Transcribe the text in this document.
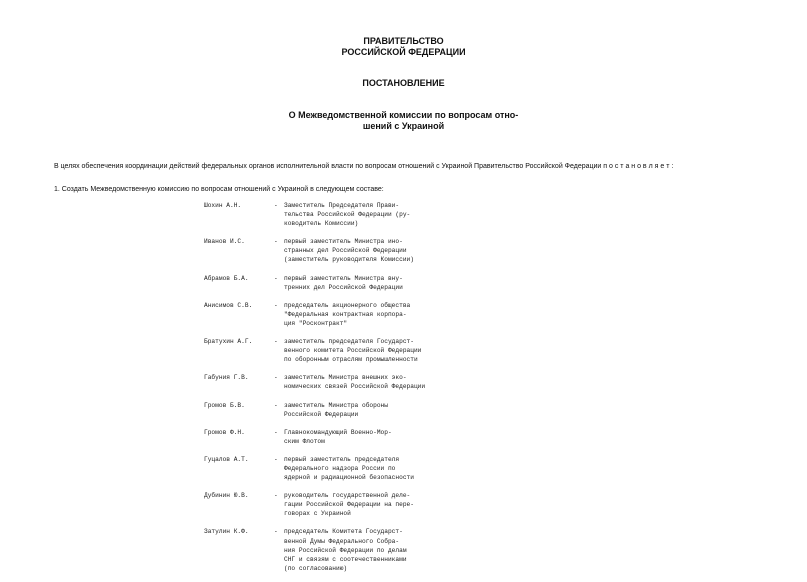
ПРАВИТЕЛЬСТВО
РОССИЙСКОЙ ФЕДЕРАЦИИ
ПОСТАНОВЛЕНИЕ
О Межведомственной комиссии по вопросам отно-
шений с Украиной
В целях обеспечения координации действий федеральных органов исполнительной власти по вопросам отношений с Украиной Правительство Российской Федерации п о с т а н о в л я е т :
1. Создать Межведомственную комиссию по вопросам отношений с Украиной в следующем составе:
Шохин А.Н.	-	Заместитель Председателя Прави-
тельства Российской Федерации (ру-
ководитель Комиссии)
Иванов И.С.	-	первый заместитель Министра ино-
странных дел Российской Федерации
(заместитель руководителя Комиссии)
Абрамов Б.А.	-	первый заместитель Министра вну-
тренних дел Российской Федерации
Анисимов С.В.	-	председатель акционерного общества
"Федеральная контрактная корпора-
ция "Росконтракт"
Братухин А.Г.	-	заместитель председателя Государст-
венного комитета Российской Федерации
по оборонным отраслям промышленности
Габуния Г.В.	-	заместитель Министра внешних эко-
номических связей Российской Федерации
Громов Б.В.	-	заместитель Министра обороны
Российской Федерации
Громов Ф.Н.	-	Главнокомандующий Военно-Мор-
ским Флотом
Гуцалов А.Т.	-	первый заместитель председателя
Федерального надзора России по
ядерной и радиационной безопасности
Дубинин Ю.В.	-	руководитель государственной деле-
гации Российской Федерации на пере-
говорах с Украиной
Затулин К.Ф.	-	председатель Комитета Государст-
венной Думы Федерального Собра-
ния Российской Федерации по делам
СНГ и связям с соотечественниками
(по согласованию)
